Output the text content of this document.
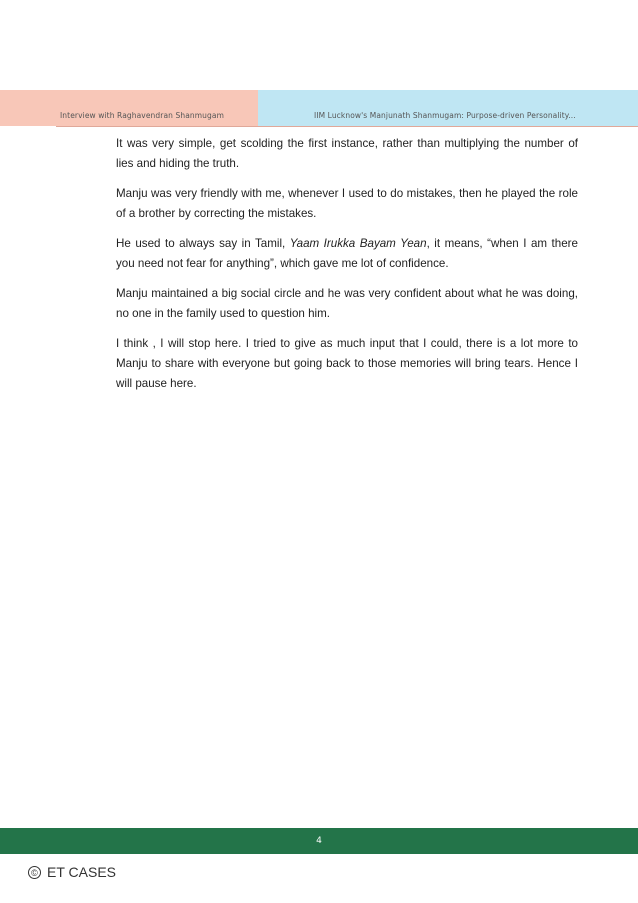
Interview with Raghavendran Shanmugam	IIM Lucknow's Manjunath Shanmugam: Purpose-driven Personality...

It was very simple, get scolding the first instance, rather than multiplying the number of lies and hiding the truth.

Manju was very friendly with me, whenever I used to do mistakes, then he played the role of a brother by correcting the mistakes.

He used to always say in Tamil, Yaam Irukka Bayam Yean, it means, “when I am there you need not fear for anything”, which gave me lot of confidence.

Manju maintained a big social circle and he was very confident about what he was doing, no one in the family used to question him.

I think , I will stop here. I tried to give as much input that I could, there is a lot more to Manju to share with everyone but going back to those memories will bring tears. Hence I will pause here.

4
© ET CASES
